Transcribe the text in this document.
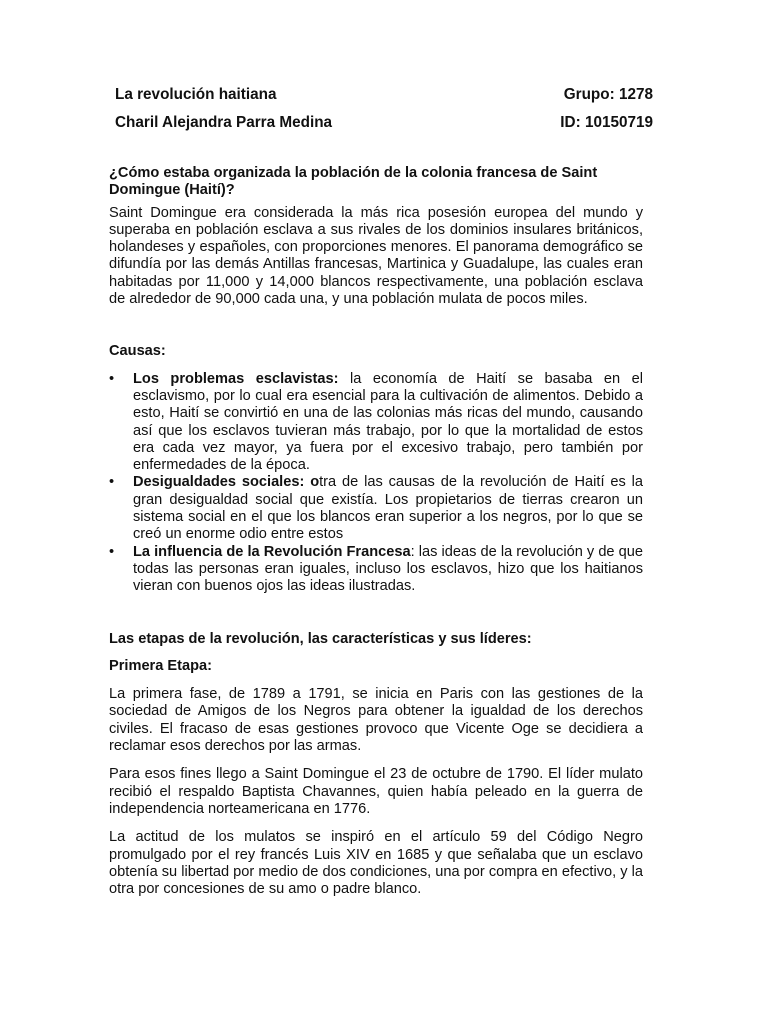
La revolución haitiana	Grupo: 1278
Charil Alejandra Parra Medina	ID: 10150719
¿Cómo estaba organizada la población de la colonia francesa de Saint Domingue (Haití)?

Saint Domingue era considerada la más rica posesión europea del mundo y superaba en población esclava a sus rivales de los dominios insulares británicos, holandeses y españoles, con proporciones menores. El panorama demográfico se difundía por las demás Antillas francesas, Martinica y Guadalupe, las cuales eran habitadas por 11,000 y 14,000 blancos respectivamente, una población esclava de alrededor de 90,000 cada una, y una población mulata de pocos miles.

Causas:
• Los problemas esclavistas: la economía de Haití se basaba en el esclavismo, por lo cual era esencial para la cultivación de alimentos. Debido a esto, Haití se convirtió en una de las colonias más ricas del mundo, causando así que los esclavos tuvieran más trabajo, por lo que la mortalidad de estos era cada vez mayor, ya fuera por el excesivo trabajo, pero también por enfermedades de la época.
• Desigualdades sociales: otra de las causas de la revolución de Haití es la gran desigualdad social que existía. Los propietarios de tierras crearon un sistema social en el que los blancos eran superior a los negros, por lo que se creó un enorme odio entre estos
• La influencia de la Revolución Francesa: las ideas de la revolución y de que todas las personas eran iguales, incluso los esclavos, hizo que los haitianos vieran con buenos ojos las ideas ilustradas.
Las etapas de la revolución, las características y sus líderes:
Primera Etapa:

La primera fase, de 1789 a 1791, se inicia en Paris con las gestiones de la sociedad de Amigos de los Negros para obtener la igualdad de los derechos civiles. El fracaso de esas gestiones provoco que Vicente Oge se decidiera a reclamar esos derechos por las armas.

Para esos fines llego a Saint Domingue el 23 de octubre de 1790. El líder mulato recibió el respaldo Baptista Chavannes, quien había peleado en la guerra de independencia norteamericana en 1776.

La actitud de los mulatos se inspiró en el artículo 59 del Código Negro promulgado por el rey francés Luis XIV en 1685 y que señalaba que un esclavo obtenía su libertad por medio de dos condiciones, una por compra en efectivo, y la otra por concesiones de su amo o padre blanco.
